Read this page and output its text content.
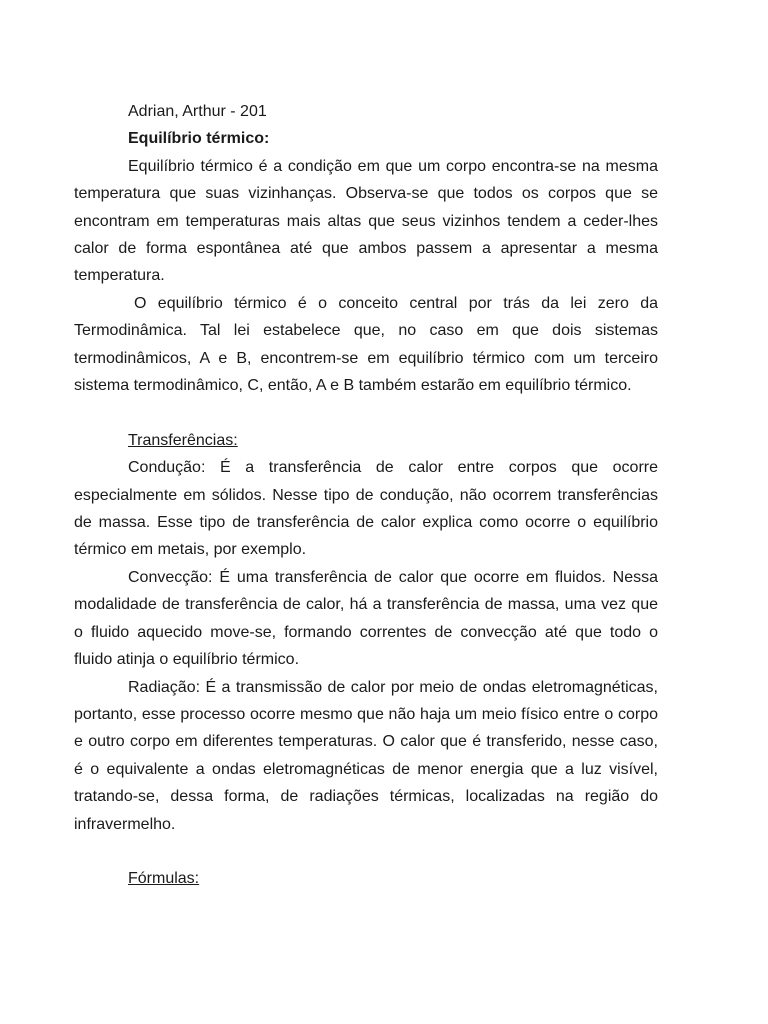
Adrian, Arthur - 201

Equilíbrio térmico:

Equilíbrio térmico é a condição em que um corpo encontra-se na mesma temperatura que suas vizinhanças. Observa-se que todos os corpos que se encontram em temperaturas mais altas que seus vizinhos tendem a ceder-lhes calor de forma espontânea até que ambos passem a apresentar a mesma temperatura.

O equilíbrio térmico é o conceito central por trás da lei zero da Termodinâmica. Tal lei estabelece que, no caso em que dois sistemas termodinâmicos, A e B, encontrem-se em equilíbrio térmico com um terceiro sistema termodinâmico, C, então, A e B também estarão em equilíbrio térmico.

Transferências:

Condução: É a transferência de calor entre corpos que ocorre especialmente em sólidos. Nesse tipo de condução, não ocorrem transferências de massa. Esse tipo de transferência de calor explica como ocorre o equilíbrio térmico em metais, por exemplo.

Convecção: É uma transferência de calor que ocorre em fluidos. Nessa modalidade de transferência de calor, há a transferência de massa, uma vez que o fluido aquecido move-se, formando correntes de convecção até que todo o fluido atinja o equilíbrio térmico.

Radiação: É a transmissão de calor por meio de ondas eletromagnéticas, portanto, esse processo ocorre mesmo que não haja um meio físico entre o corpo e outro corpo em diferentes temperaturas. O calor que é transferido, nesse caso, é o equivalente a ondas eletromagnéticas de menor energia que a luz visível, tratando-se, dessa forma, de radiações térmicas, localizadas na região do infravermelho.

Fórmulas:
